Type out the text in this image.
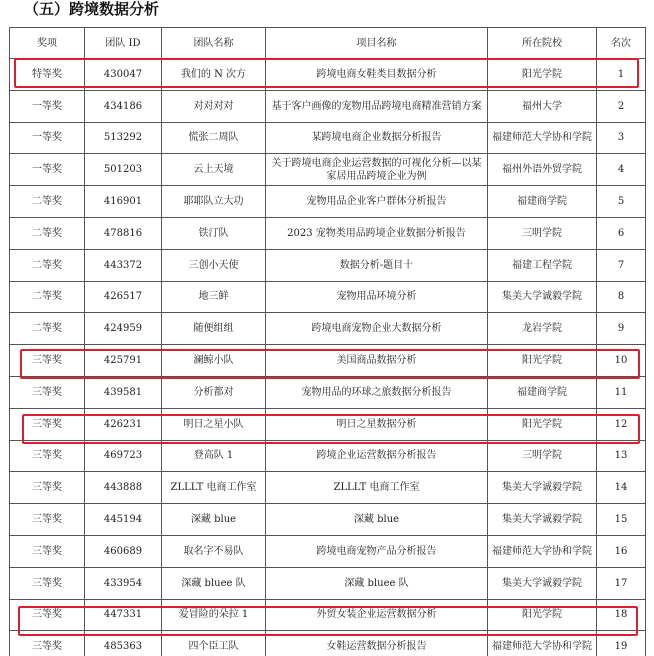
（五）跨境数据分析
奖项	团队 ID	团队名称	项目名称	所在院校	名次
特等奖	430047	我们的 N 次方	跨境电商女鞋类目数据分析	阳光学院	1
一等奖	434186	对对对对	基于客户画像的宠物用品跨境电商精准营销方案	福州大学	2
一等奖	513292	慌张二周队	某跨境电商企业数据分析报告	福建师范大学协和学院	3
一等奖	501203	云上天境	关于跨境电商企业运营数据的可视化分析—以某家居用品跨境企业为例	福州外语外贸学院	4
二等奖	416901	耶耶队立大功	宠物用品企业客户群体分析报告	福建商学院	5
二等奖	478816	铁汀队	2023 宠物类用品跨境企业数据分析报告	三明学院	6
二等奖	443372	三创小天使	数据分析-题目十	福建工程学院	7
二等奖	426517	地三鲜	宠物用品环境分析	集美大学诚毅学院	8
二等奖	424959	随便组组	跨境电商宠物企业大数据分析	龙岩学院	9
三等奖	425791	澜鲸小队	美国商品数据分析	阳光学院	10
三等奖	439581	分析都对	宠物用品的环球之旅数据分析报告	福建商学院	11
三等奖	426231	明日之星小队	明日之星数据分析	阳光学院	12
三等奖	469723	登高队 1	跨境企业运营数据分析报告	三明学院	13
三等奖	443888	ZLLLT 电商工作室	ZLLLT 电商工作室	集美大学诚毅学院	14
三等奖	445194	深藏 blue	深藏 blue	集美大学诚毅学院	15
三等奖	460689	取名字不易队	跨境电商宠物产品分析报告	福建师范大学协和学院	16
三等奖	433954	深藏 bluee 队	深藏 bluee 队	集美大学诚毅学院	17
三等奖	447331	爱冒险的朵拉 1	外贸女装企业运营数据分析	阳光学院	18
三等奖	485363	四个臣工队	女鞋运营数据分析报告	福建师范大学协和学院	19
